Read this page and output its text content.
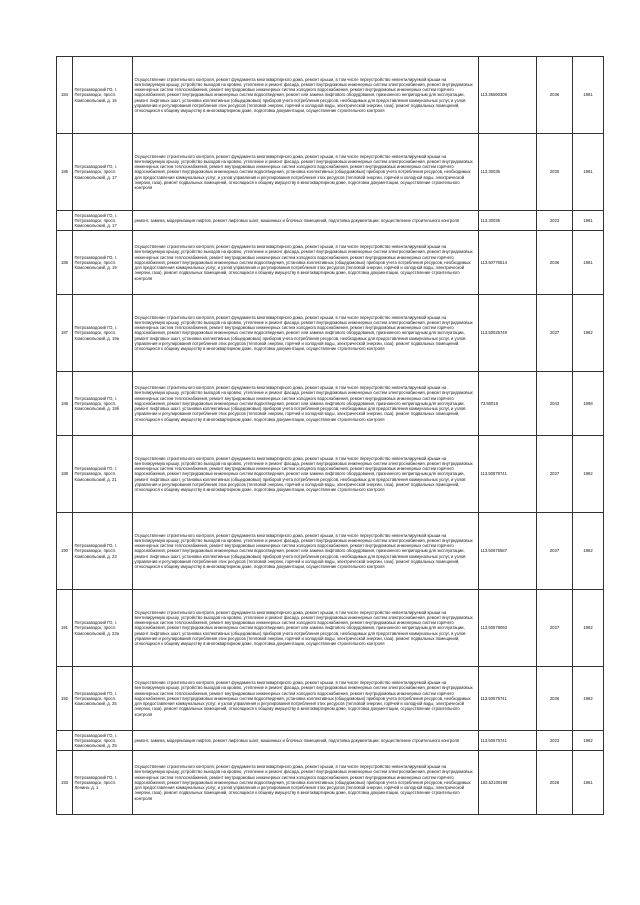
184	Петрозаводский ГО, г. Петрозаводск, просп. Комсомольский, д. 15	Осуществление строительного контроля, ремонт фундамента многоквартирного дома, ремонт крыши, в том числе переустройство невентилируемой крыши на вентилируемую крышу, устройство выходов на кровлю, утепление и ремонт фасада, ремонт внутридомовых инженерных систем электроснабжения, ремонт внутридомовых инженерных систем теплоснабжения, ремонт внутридомовых инженерных систем холодного водоснабжения, ремонт внутридомовых инженерных систем горячего водоснабжения, ремонт внутридомовых инженерных систем водоотведения, ремонт или замена лифтового оборудования, признанного непригодным для эксплуатации, ремонт лифтовых шахт, установка коллективных (общедомовых) приборов учета потребления ресурсов, необходимых для предоставления коммунальных услуг, и узлов управления и регулирования потребления этих ресурсов (тепловой энергии, горячей и холодной воды, электрической энергии, газа), ремонт подвальных помещений, относящихся к общему имуществу в многоквартирном доме, подготовка документации, осуществление строительного контроля	113.35560308	2036	1981
185	Петрозаводский ГО, г. Петрозаводск, просп. Комсомольский, д. 17	Осуществление строительного контроля, ремонт фундамента многоквартирного дома, ремонт крыши, в том числе переустройство невентилируемой крыши на вентилируемую крышу, устройство выходов на кровлю, утепление и ремонт фасада, ремонт внутридомовых инженерных систем электроснабжения, ремонт внутридомовых инженерных систем теплоснабжения, ремонт внутридомовых инженерных систем холодного водоснабжения, ремонт внутридомовых инженерных систем горячего водоснабжения, ремонт внутридомовых инженерных систем водоотведения, установка коллективных (общедомовых) приборов учета потребления ресурсов, необходимых для предоставления коммунальных услуг, и узлов управления и регулирования потребления этих ресурсов (тепловой энергии, горячей и холодной воды, электрической энергии, газа), ремонт подвальных помещений, относящихся к общему имуществу в многоквартирном доме, подготовка документации, осуществление строительного контроля	113.30035	2030	1981
	Петрозаводский ГО, г. Петрозаводск, просп. Комсомольский, д. 17	ремонт, замена, модернизация лифтов, ремонт лифтовых шахт, машинных и блочных помещений, подготовка документации, осуществление строительного контроля	113.30035	2023	1981
186	Петрозаводский ГО, г. Петрозаводск, просп. Комсомольский, д. 19	Осуществление строительного контроля, ремонт фундамента многоквартирного дома, ремонт крыши, в том числе переустройство невентилируемой крыши на вентилируемую крышу, устройство выходов на кровлю, утепление и ремонт фасада, ремонт внутридомовых инженерных систем электроснабжения, ремонт внутридомовых инженерных систем теплоснабжения, ремонт внутридомовых инженерных систем холодного водоснабжения, ремонт внутридомовых инженерных систем горячего водоснабжения, ремонт внутридомовых инженерных систем водоотведения, установка коллективных (общедомовых) приборов учета потребления ресурсов, необходимых для предоставления коммунальных услуг, и узлов управления и регулирования потребления этих ресурсов (тепловой энергии, горячей и холодной воды, электрической энергии, газа), ремонт подвальных помещений, относящихся к общему имуществу в многоквартирном доме, подготовка документации, осуществление строительного контроля	113.50775514	2036	1981
187	Петрозаводский ГО, г. Петрозаводск, просп. Комсомольский, д. 19а	Осуществление строительного контроля, ремонт фундамента многоквартирного дома, ремонт крыши, в том числе переустройство невентилируемой крыши на вентилируемую крышу, устройство выходов на кровлю, утепление и ремонт фасада, ремонт внутридомовых инженерных систем электроснабжения, ремонт внутридомовых инженерных систем теплоснабжения, ремонт внутридомовых инженерных систем холодного водоснабжения, ремонт внутридомовых инженерных систем горячего водоснабжения, ремонт внутридомовых инженерных систем водоотведения, ремонт или замена лифтового оборудования, признанного непригодным для эксплуатации, ремонт лифтовых шахт, установка коллективных (общедомовых) приборов учета потребления ресурсов, необходимых для предоставления коммунальных услуг, и узлов управления и регулирования потребления этих ресурсов (тепловой энергии, горячей и холодной воды, электрической энергии, газа), ремонт подвальных помещений, относящихся к общему имуществу в многоквартирном доме, подготовка документации, осуществление строительного контроля	113.50025749	2037	1982
188	Петрозаводский ГО, г. Петрозаводск, просп. Комсомольский, д. 19б	Осуществление строительного контроля, ремонт фундамента многоквартирного дома, ремонт крыши, в том числе переустройство невентилируемой крыши на вентилируемую крышу, устройство выходов на кровлю, утепление и ремонт фасада, ремонт внутридомовых инженерных систем электроснабжения, ремонт внутридомовых инженерных систем теплоснабжения, ремонт внутридомовых инженерных систем холодного водоснабжения, ремонт внутридомовых инженерных систем горячего водоснабжения, ремонт внутридомовых инженерных систем водоотведения, ремонт или замена лифтового оборудования, признанного непригодным для эксплуатации, ремонт лифтовых шахт, установка коллективных (общедомовых) приборов учета потребления ресурсов, необходимых для предоставления коммунальных услуг, и узлов управления и регулирования потребления этих ресурсов (тепловой энергии, горячей и холодной воды, электрической энергии, газа), ремонт подвальных помещений, относящихся к общему имуществу в многоквартирном доме, подготовка документации, осуществление строительного контроля	73.50018	2043	1998
189	Петрозаводский ГО, г. Петрозаводск, просп. Комсомольский, д. 21	Осуществление строительного контроля, ремонт фундамента многоквартирного дома, ремонт крыши, в том числе переустройство невентилируемой крыши на вентилируемую крышу, устройство выходов на кровлю, утепление и ремонт фасада, ремонт внутридомовых инженерных систем электроснабжения, ремонт внутридомовых инженерных систем теплоснабжения, ремонт внутридомовых инженерных систем холодного водоснабжения, ремонт внутридомовых инженерных систем горячего водоснабжения, ремонт внутридомовых инженерных систем водоотведения, ремонт или замена лифтового оборудования, признанного непригодным для эксплуатации, ремонт лифтовых шахт, установка коллективных (общедомовых) приборов учета потребления ресурсов, необходимых для предоставления коммунальных услуг, и узлов управления и регулирования потребления этих ресурсов (тепловой энергии, горячей и холодной воды, электрической энергии, газа), ремонт подвальных помещений, относящихся к общему имуществу в многоквартирном доме, подготовка документации, осуществление строительного контроля	113.50678741	2037	1982
190	Петрозаводский ГО, г. Петрозаводск, просп. Комсомольский, д. 23	Осуществление строительного контроля, ремонт фундамента многоквартирного дома, ремонт крыши, в том числе переустройство невентилируемой крыши на вентилируемую крышу, устройство выходов на кровлю, утепление и ремонт фасада, ремонт внутридомовых инженерных систем электроснабжения, ремонт внутридомовых инженерных систем теплоснабжения, ремонт внутридомовых инженерных систем холодного водоснабжения, ремонт внутридомовых инженерных систем горячего водоснабжения, ремонт внутридомовых инженерных систем водоотведения, ремонт или замена лифтового оборудования, признанного непригодным для эксплуатации, ремонт лифтовых шахт, установка коллективных (общедомовых) приборов учета потребления ресурсов, необходимых для предоставления коммунальных услуг, и узлов управления и регулирования потребления этих ресурсов (тепловой энергии, горячей и холодной воды, электрической энергии, газа), ремонт подвальных помещений, относящихся к общему имуществу в многоквартирном доме, подготовка документации, осуществление строительного контроля	113.50675587	2037	1982
191	Петрозаводский ГО, г. Петрозаводск, просп. Комсомольский, д. 23а	Осуществление строительного контроля, ремонт фундамента многоквартирного дома, ремонт крыши, в том числе переустройство невентилируемой крыши на вентилируемую крышу, устройство выходов на кровлю, утепление и ремонт фасада, ремонт внутридомовых инженерных систем электроснабжения, ремонт внутридомовых инженерных систем теплоснабжения, ремонт внутридомовых инженерных систем холодного водоснабжения, ремонт внутридомовых инженерных систем горячего водоснабжения, ремонт внутридомовых инженерных систем водоотведения, ремонт или замена лифтового оборудования, признанного непригодным для эксплуатации, ремонт лифтовых шахт, установка коллективных (общедомовых) приборов учета потребления ресурсов, необходимых для предоставления коммунальных услуг, и узлов управления и регулирования потребления этих ресурсов (тепловой энергии, горячей и холодной воды, электрической энергии, газа), ремонт подвальных помещений, относящихся к общему имуществу в многоквартирном доме, подготовка документации, осуществление строительного контроля	113.50578093	2037	1982
192	Петрозаводский ГО, г. Петрозаводск, просп. Комсомольский, д. 25	Осуществление строительного контроля, ремонт фундамента многоквартирного дома, ремонт крыши, в том числе переустройство невентилируемой крыши на вентилируемую крышу, устройство выходов на кровлю, утепление и ремонт фасада, ремонт внутридомовых инженерных систем электроснабжения, ремонт внутридомовых инженерных систем теплоснабжения, ремонт внутридомовых инженерных систем холодного водоснабжения, ремонт внутридомовых инженерных систем горячего водоснабжения, ремонт внутридомовых инженерных систем водоотведения, установка коллективных (общедомовых) приборов учета потребления ресурсов, необходимых для предоставления коммунальных услуг, и узлов управления и регулирования потребления этих ресурсов (тепловой энергии, горячей и холодной воды, электрической энергии, газа), ремонт подвальных помещений, относящихся к общему имуществу в многоквартирном доме, подготовка документации, осуществление строительного контроля	113.50575741	2036	1982
	Петрозаводский ГО, г. Петрозаводск, просп. Комсомольский, д. 25	ремонт, замена, модернизация лифтов, ремонт лифтовых шахт, машинных и блочных помещений, подготовка документации, осуществление строительного контроля	113.50575741	2023	1982
193	Петрозаводский ГО, г. Петрозаводск, просп. Ленина, д. 1	Осуществление строительного контроля, ремонт фундамента многоквартирного дома, ремонт крыши, в том числе переустройство невентилируемой крыши на вентилируемую крышу, устройство выходов на кровлю, утепление и ремонт фасада, ремонт внутридомовых инженерных систем электроснабжения, ремонт внутридомовых инженерных систем теплоснабжения, ремонт внутридомовых инженерных систем холодного водоснабжения, ремонт внутридомовых инженерных систем горячего водоснабжения, ремонт внутридомовых инженерных систем водоотведения, установка коллективных (общедомовых) приборов учета потребления ресурсов, необходимых для предоставления коммунальных услуг, и узлов управления и регулирования потребления этих ресурсов (тепловой энергии, горячей и холодной воды, электрической энергии, газа), ремонт подвальных помещений, относящихся к общему имуществу в многоквартирном доме, подготовка документации, осуществление строительного контроля	183.52100198	2028	1951
